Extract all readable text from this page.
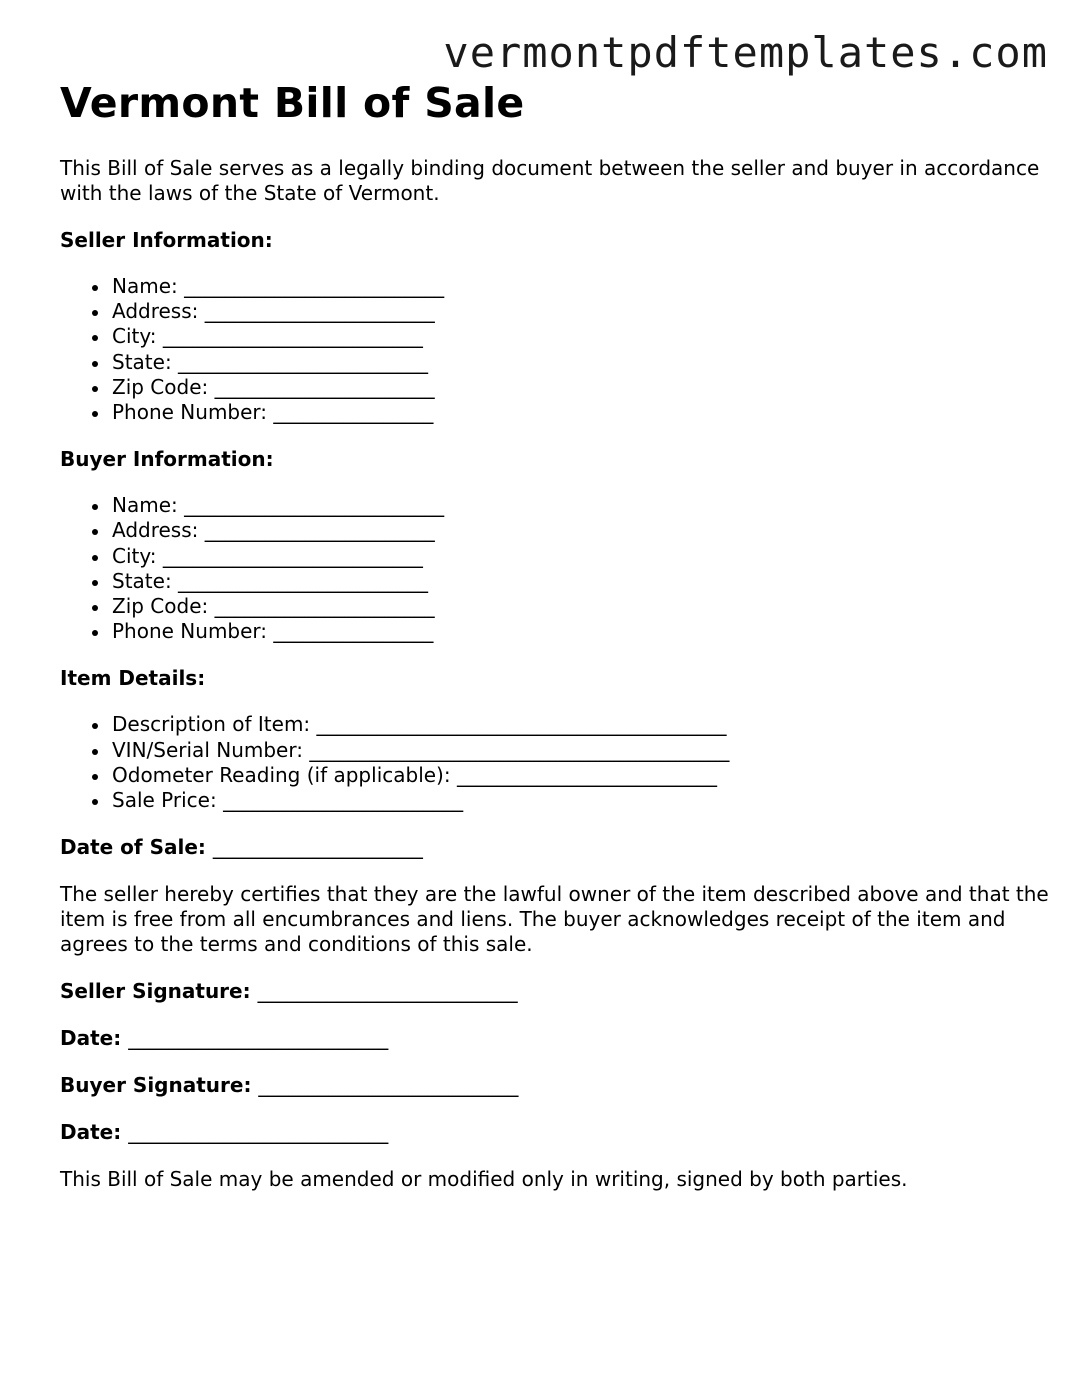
vermontpdftemplates.com
Vermont Bill of Sale

This Bill of Sale serves as a legally binding document between the seller and buyer in accordance with the laws of the State of Vermont.

Seller Information:
Name: __________________________
Address: _______________________
City: __________________________
State: _________________________
Zip Code: ______________________
Phone Number: ________________
Buyer Information:
Name: __________________________
Address: _______________________
City: __________________________
State: _________________________
Zip Code: ______________________
Phone Number: ________________
Item Details:
Description of Item: _________________________________________
VIN/Serial Number: __________________________________________
Odometer Reading (if applicable): __________________________
Sale Price: ________________________
Date of Sale: _____________________

The seller hereby certifies that they are the lawful owner of the item described above and that the item is free from all encumbrances and liens. The buyer acknowledges receipt of the item and agrees to the terms and conditions of this sale.

Seller Signature: __________________________
Date: __________________________
Buyer Signature: __________________________
Date: __________________________

This Bill of Sale may be amended or modified only in writing, signed by both parties.
